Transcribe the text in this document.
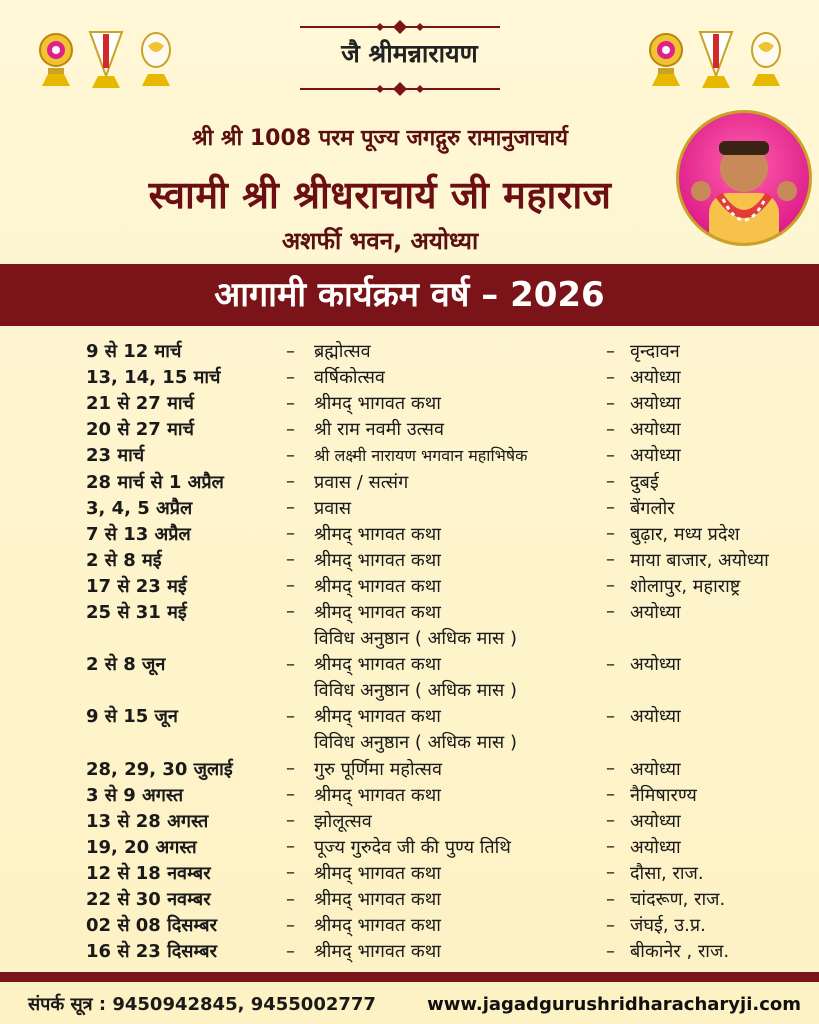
जै श्रीमन्नारायण
श्री श्री 1008 परम पूज्य जगद्गुरु रामानुजाचार्य
स्वामी श्री श्रीधराचार्य जी महाराज
अशर्फी भवन, अयोध्या
आगामी कार्यक्रम वर्ष – 2026
9 से 12 मार्च	–	ब्रह्मोत्सव	– वृन्दावन
13, 14, 15 मार्च	–	वर्षिकोत्सव	– अयोध्या
21 से 27 मार्च	–	श्रीमद् भागवत कथा	– अयोध्या
20 से 27 मार्च	–	श्री राम नवमी उत्सव	– अयोध्या
23 मार्च	–	श्री लक्ष्मी नारायण भगवान महाभिषेक	– अयोध्या
28 मार्च से 1 अप्रैल	–	प्रवास / सत्संग	– दुबई
3, 4, 5 अप्रैल	–	प्रवास	– बेंगलोर
7 से 13 अप्रैल	–	श्रीमद् भागवत कथा	– बुढ़ार, मध्य प्रदेश
2 से 8 मई	–	श्रीमद् भागवत कथा	– माया बाजार, अयोध्या
17 से 23 मई	–	श्रीमद् भागवत कथा	– शोलापुर, महाराष्ट्र
25 से 31 मई	–	श्रीमद् भागवत कथा	– अयोध्या
विविध अनुष्ठान ( अधिक मास )
2 से 8 जून	–	श्रीमद् भागवत कथा	– अयोध्या
विविध अनुष्ठान ( अधिक मास )
9 से 15 जून	–	श्रीमद् भागवत कथा	– अयोध्या
विविध अनुष्ठान ( अधिक मास )
28, 29, 30 जुलाई	–	गुरु पूर्णिमा महोत्सव	– अयोध्या
3 से 9 अगस्त	–	श्रीमद् भागवत कथा	– नैमिषारण्य
13 से 28 अगस्त	–	झोलूत्सव	– अयोध्या
19, 20 अगस्त	–	पूज्य गुरुदेव जी की पुण्य तिथि	– अयोध्या
12 से 18 नवम्बर	–	श्रीमद् भागवत कथा	– दौसा, राज.
22 से 30 नवम्बर	–	श्रीमद् भागवत कथा	– चांदरूण, राज.
02 से 08 दिसम्बर	–	श्रीमद् भागवत कथा	– जंघई, उ.प्र.
16 से 23 दिसम्बर	–	श्रीमद् भागवत कथा	– बीकानेर , राज.
संपर्क सूत्र : 9450942845, 9455002777	www.jagadgurushridharacharyji.com
